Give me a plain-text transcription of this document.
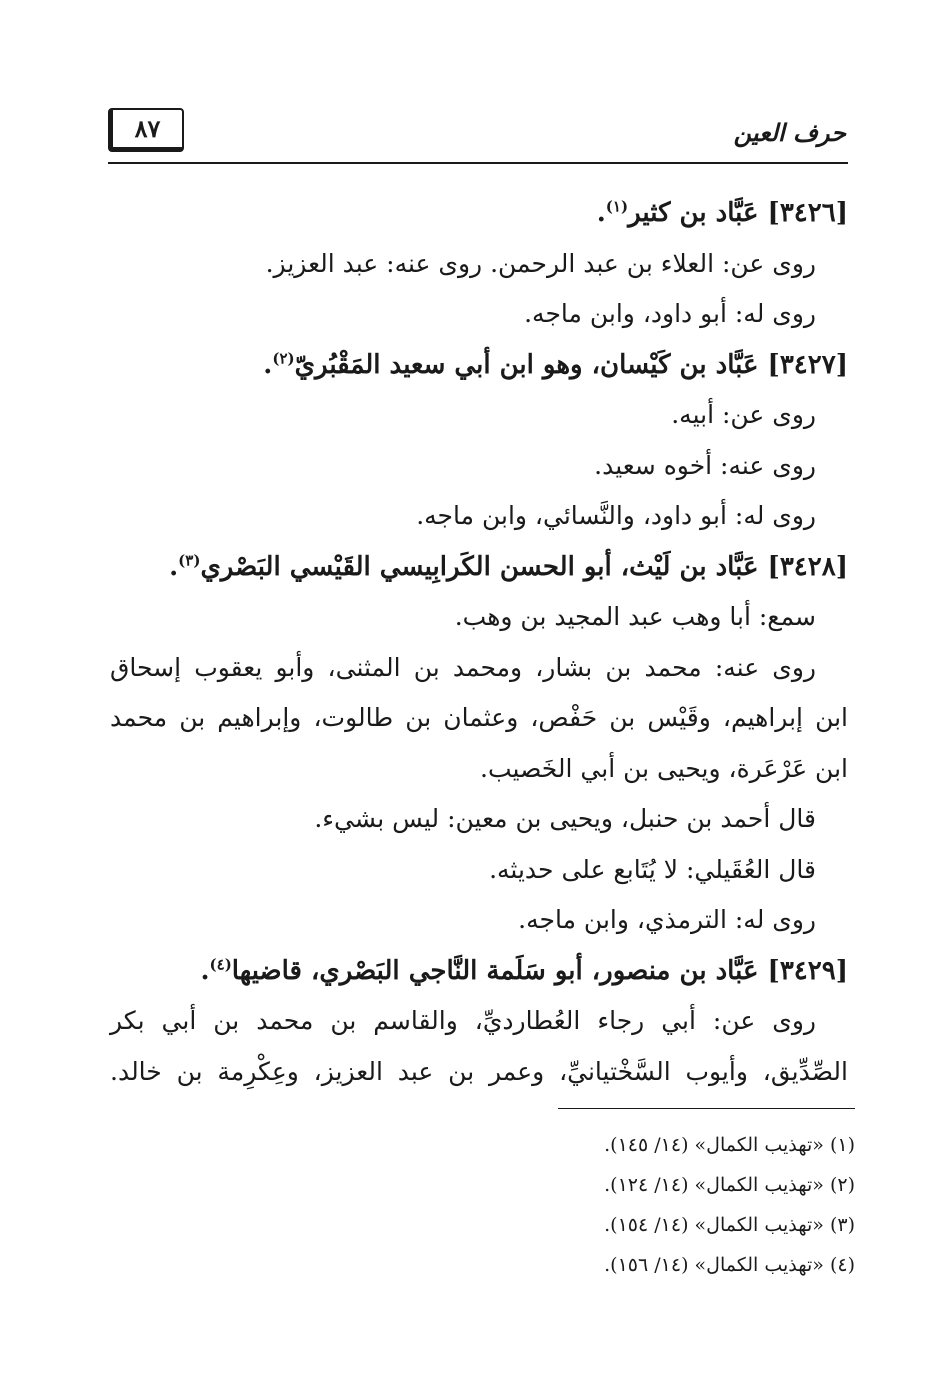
٨٧	حرف العين
[٣٤٢٦] عَبَّاد بن كثير$^{(١)}$.
روى عن: العلاء بن عبد الرحمن. روى عنه: عبد العزيز.
روى له: أبو داود، وابن ماجه.
[٣٤٢٧] عَبَّاد بن كَيْسان، وهو ابن أبي سعيد المَقْبُريّ$^{(٢)}$.
روى عن: أبيه.
روى عنه: أخوه سعيد.
روى له: أبو داود، والنَّسائي، وابن ماجه.
[٣٤٢٨] عَبَّاد بن لَيْث، أبو الحسن الكَرابِيسي القَيْسي البَصْري$^{(٣)}$.
سمع: أبا وهب عبد المجيد بن وهب.
روى عنه: محمد بن بشار، ومحمد بن المثنى، وأبو يعقوب إسحاق
ابن إبراهيم، وقَيْس بن حَفْص، وعثمان بن طالوت، وإبراهيم بن محمد
ابن عَرْعَرة، ويحيى بن أبي الخَصيب.
قال أحمد بن حنبل، ويحيى بن معين: ليس بشيء.
قال العُقَيلي: لا يُتَابع على حديثه.
روى له: الترمذي، وابن ماجه.
[٣٤٢٩] عَبَّاد بن منصور، أبو سَلَمة النَّاجي البَصْري، قاضيها$^{(٤)}$.
روى عن: أبي رجاء العُطارديِّ، والقاسم بن محمد بن أبي بكر
الصِّدِّيق، وأيوب السَّخْتيانيِّ، وعمر بن عبد العزيز، وعِكْرِمة بن خالد.
(١) «تهذيب الكمال» (١٤/ ١٤٥).
(٢) «تهذيب الكمال» (١٤/ ١٢٤).
(٣) «تهذيب الكمال» (١٤/ ١٥٤).
(٤) «تهذيب الكمال» (١٤/ ١٥٦).
